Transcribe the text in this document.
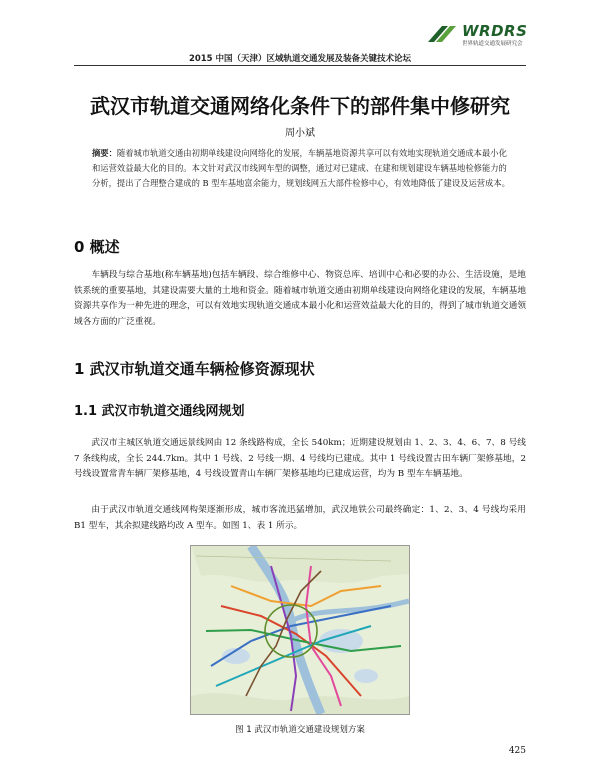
WRDRS
世界轨道交通发展研究会
2015 中国（天津）区域轨道交通发展及装备关键技术论坛
武汉市轨道交通网络化条件下的部件集中修研究
周小斌
摘要：随着城市轨道交通由初期单线建设向网络化的发展，车辆基地资源共享可以有效地实现轨道交通成本最小化和运营效益最大化的目的。本文针对武汉市线网车型的调整，通过对已建成、在建和规划建设车辆基地检修能力的分析，提出了合理整合建成的 B 型车基地富余能力，规划线网五大部件检修中心，有效地降低了建设及运营成本。
0 概述
车辆段与综合基地(称车辆基地)包括车辆段、综合维修中心、物资总库、培训中心和必要的办公、生活设施，是地铁系统的重要基地，其建设需要大量的土地和资金。随着城市轨道交通由初期单线建设向网络化建设的发展，车辆基地资源共享作为一种先进的理念，可以有效地实现轨道交通成本最小化和运营效益最大化的目的，得到了城市轨道交通领域各方面的广泛重视。
1 武汉市轨道交通车辆检修资源现状
1.1 武汉市轨道交通线网规划
武汉市主城区轨道交通远景线网由 12 条线路构成，全长 540km；近期建设规划由 1、2、3、4、6、7、8 号线 7 条线构成，全长 244.7km。其中 1 号线、2 号线一期、4 号线均已建成。其中 1 号线设置古田车辆厂架修基地，2 号线设置常青车辆厂架修基地，4 号线设置青山车辆厂架修基地均已建成运营，均为 B 型车车辆基地。
由于武汉市轨道交通线网构架逐渐形成，城市客流迅猛增加，武汉地铁公司最终确定：1、2、3、4 号线均采用 B1 型车，其余拟建线路均改 A 型车。如图 1、表 1 所示。
图 1 武汉市轨道交通建设规划方案
425
